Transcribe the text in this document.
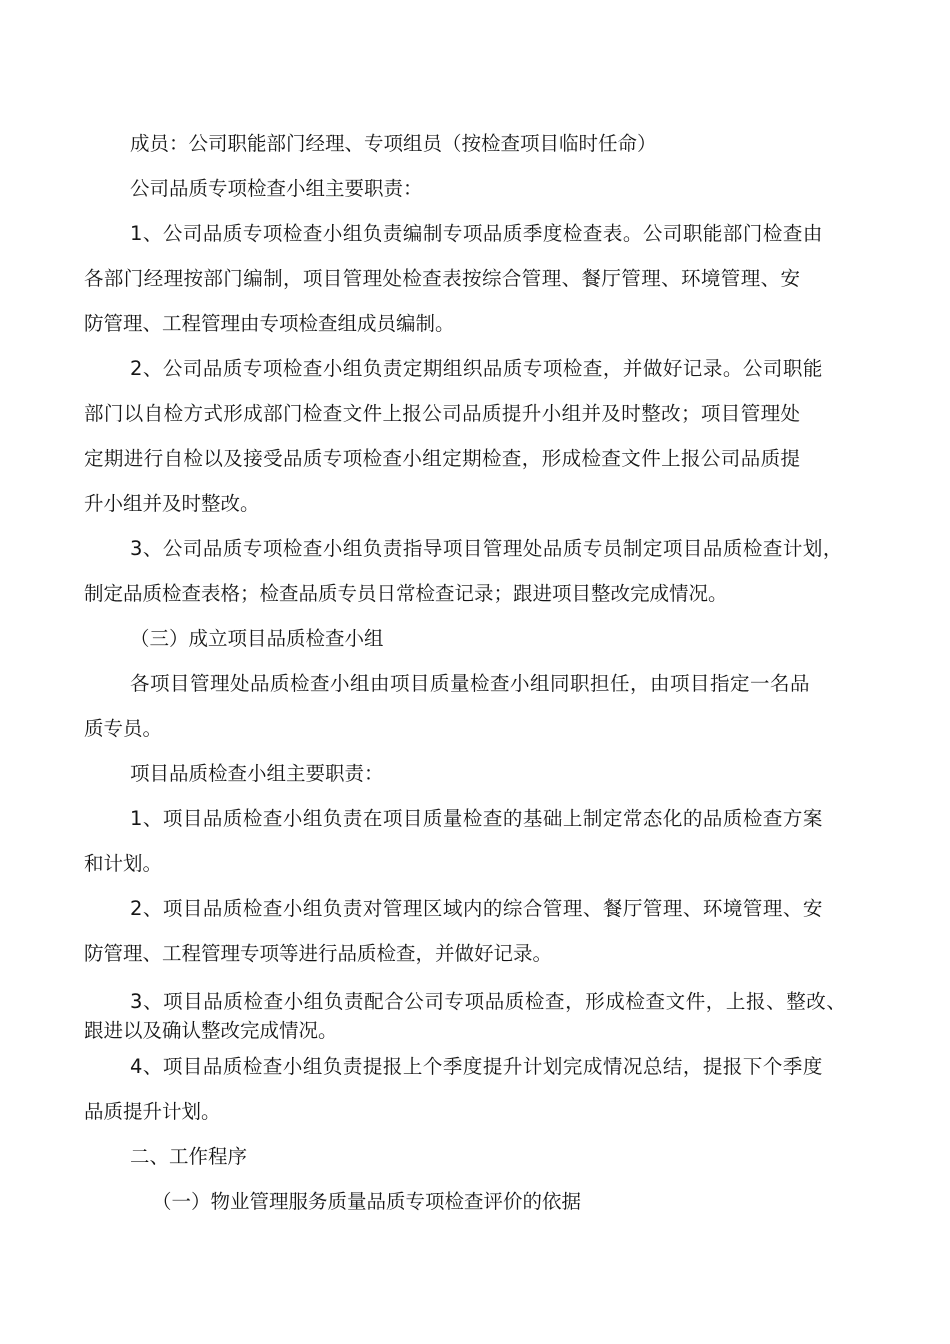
成员：公司职能部门经理、专项组员（按检查项目临时任命）

公司品质专项检查小组主要职责：

1、公司品质专项检查小组负责编制专项品质季度检查表。公司职能部门检查由

各部门经理按部门编制，项目管理处检查表按综合管理、餐厅管理、环境管理、安

防管理、工程管理由专项检查组成员编制。

2、公司品质专项检查小组负责定期组织品质专项检查，并做好记录。公司职能

部门以自检方式形成部门检查文件上报公司品质提升小组并及时整改；项目管理处

定期进行自检以及接受品质专项检查小组定期检查，形成检查文件上报公司品质提

升小组并及时整改。

3、公司品质专项检查小组负责指导项目管理处品质专员制定项目品质检查计划，

制定品质检查表格；检查品质专员日常检查记录；跟进项目整改完成情况。

（三）成立项目品质检查小组

各项目管理处品质检查小组由项目质量检查小组同职担任，由项目指定一名品

质专员。

项目品质检查小组主要职责：

1、项目品质检查小组负责在项目质量检查的基础上制定常态化的品质检查方案

和计划。

2、项目品质检查小组负责对管理区域内的综合管理、餐厅管理、环境管理、安

防管理、工程管理专项等进行品质检查，并做好记录。

3、项目品质检查小组负责配合公司专项品质检查，形成检查文件，上报、整改、

跟进以及确认整改完成情况。

4、项目品质检查小组负责提报上个季度提升计划完成情况总结，提报下个季度

品质提升计划。

二、工作程序

（一）物业管理服务质量品质专项检查评价的依据
